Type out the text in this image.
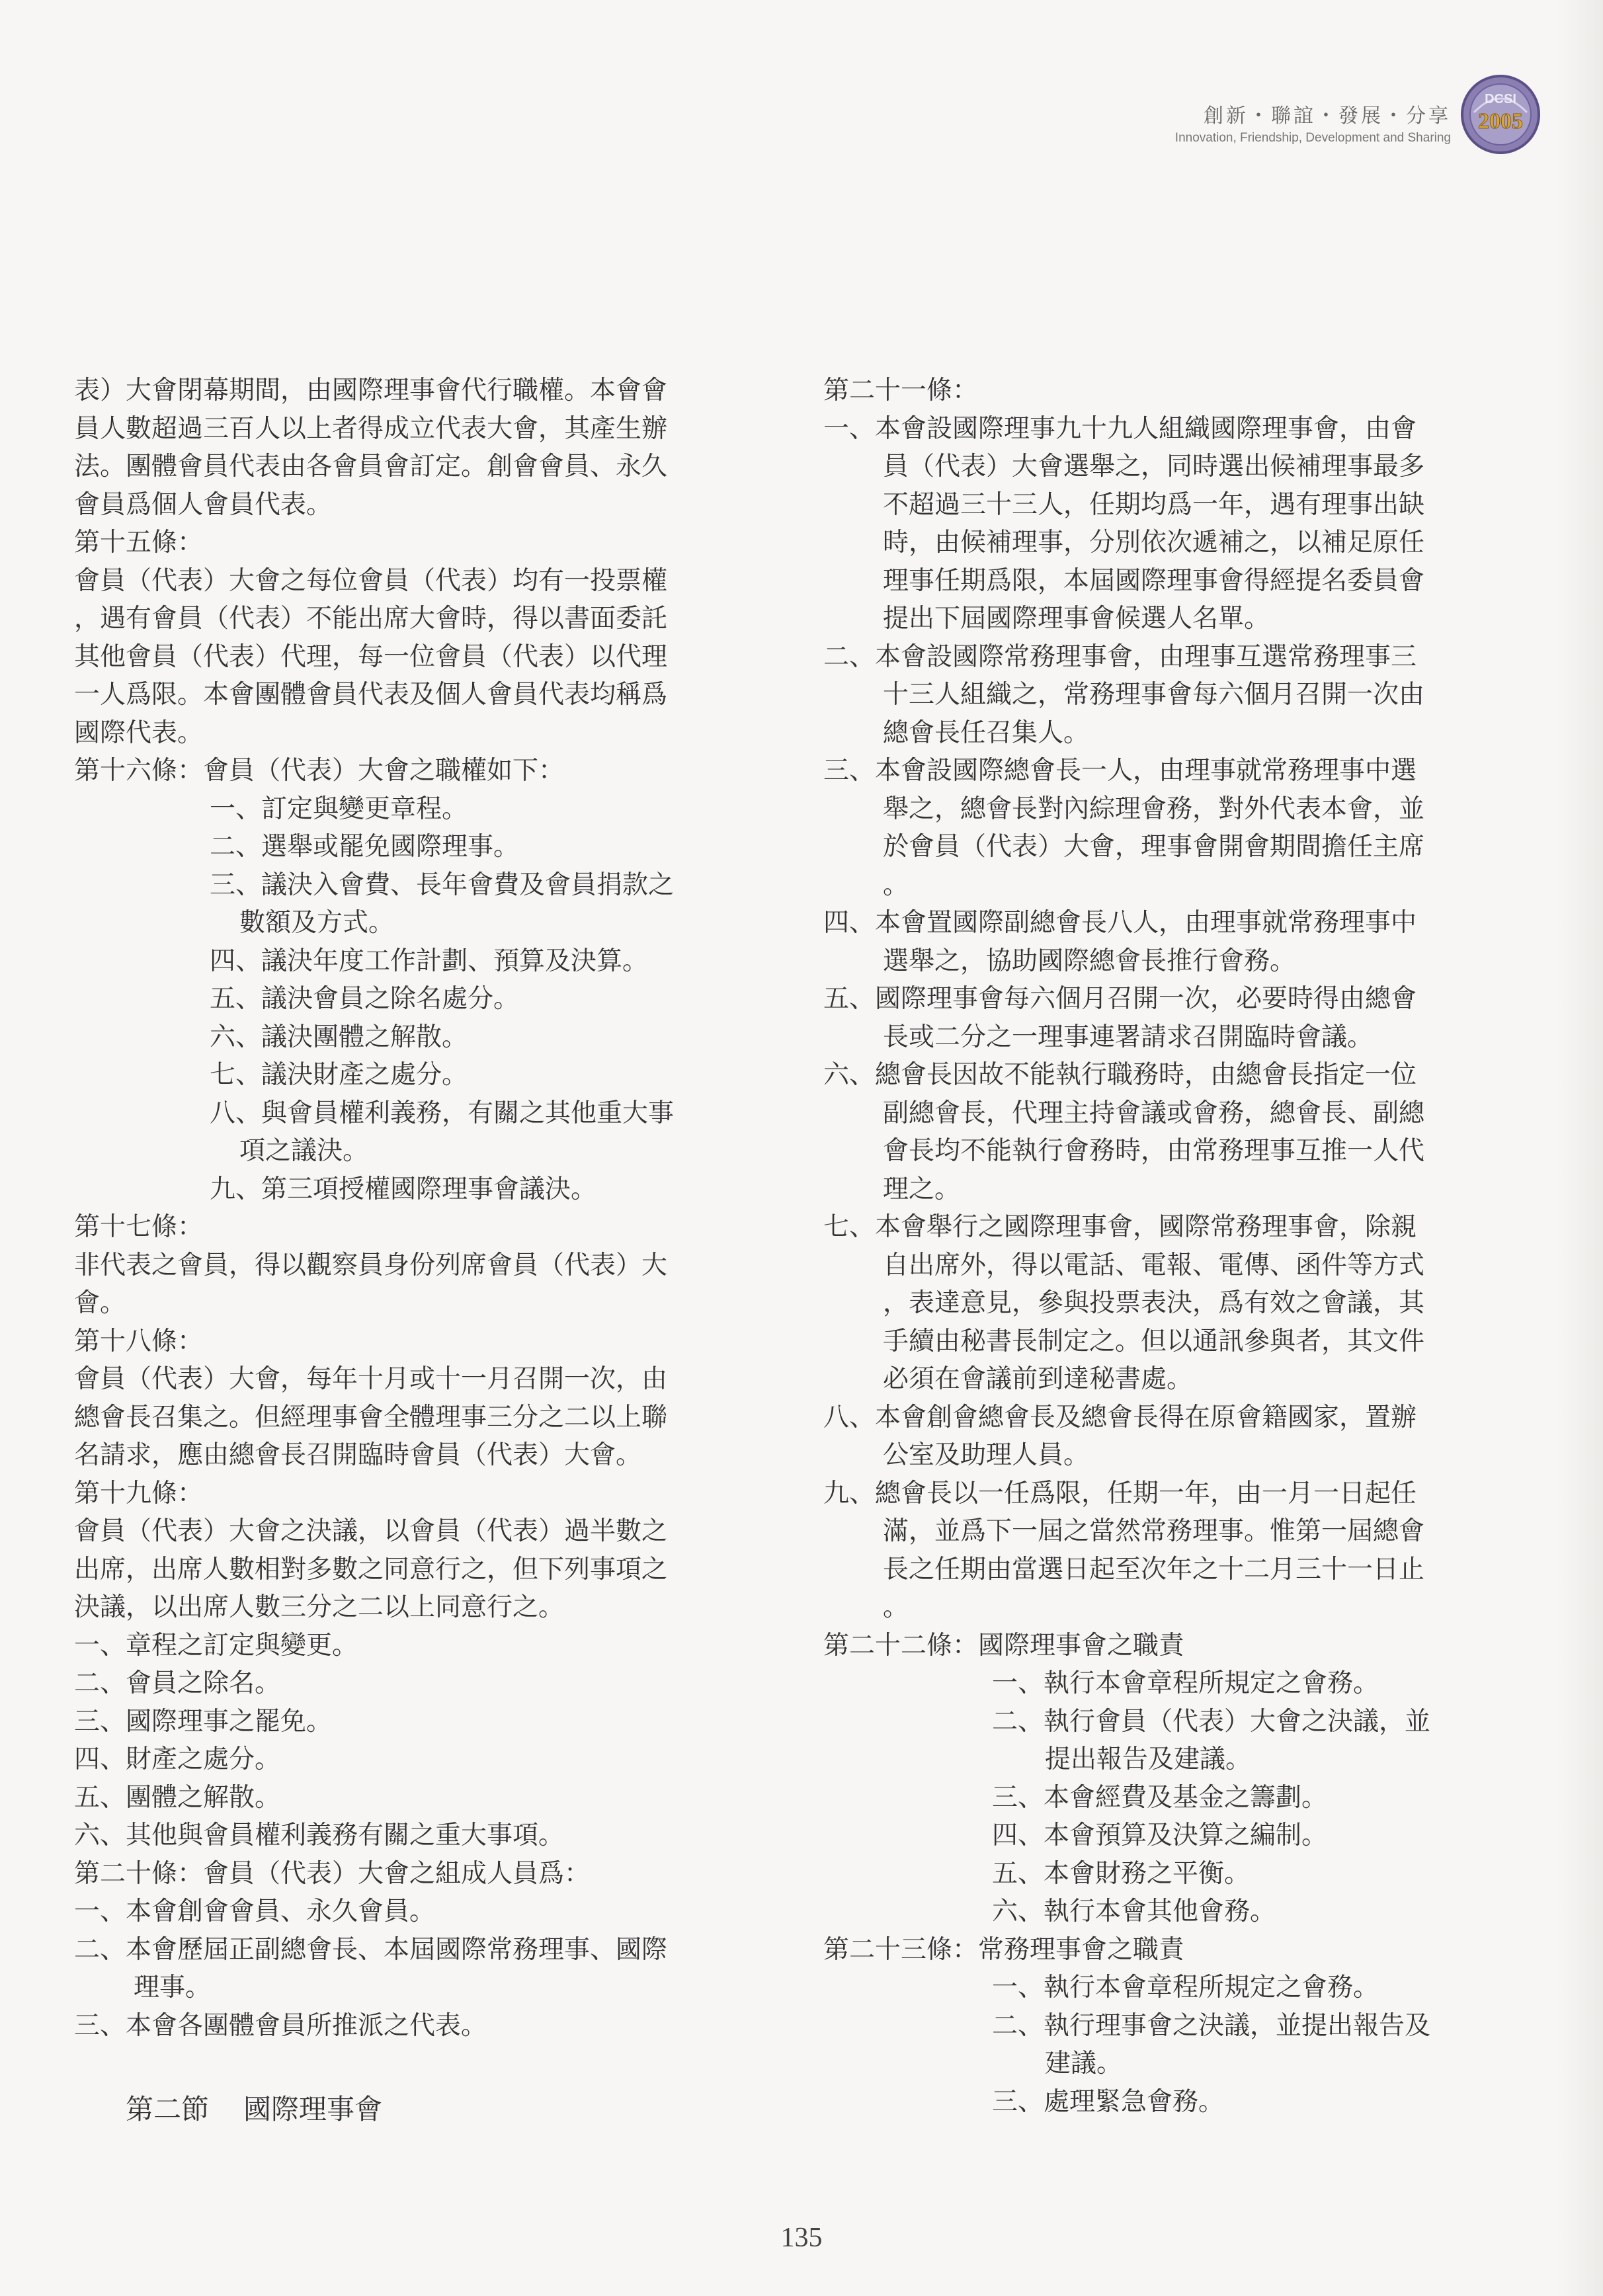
創新・聯誼・發展・分享
Innovation, Friendship, Development and Sharing
DCSI
2005
表）大會閉幕期間，由國際理事會代行職權。本會會
員人數超過三百人以上者得成立代表大會，其產生辦
法。團體會員代表由各會員會訂定。創會會員、永久
會員爲個人會員代表。
第十五條：
會員（代表）大會之每位會員（代表）均有一投票權
，遇有會員（代表）不能出席大會時，得以書面委託
其他會員（代表）代理，每一位會員（代表）以代理
一人爲限。本會團體會員代表及個人會員代表均稱爲
國際代表。
第十六條：會員（代表）大會之職權如下：
一、訂定與變更章程。
二、選舉或罷免國際理事。
三、議決入會費、長年會費及會員捐款之
數額及方式。
四、議決年度工作計劃、預算及決算。
五、議決會員之除名處分。
六、議決團體之解散。
七、議決財產之處分。
八、與會員權利義務，有關之其他重大事
項之議決。
九、第三項授權國際理事會議決。
第十七條：
非代表之會員，得以觀察員身份列席會員（代表）大
會。
第十八條：
會員（代表）大會，每年十月或十一月召開一次，由
總會長召集之。但經理事會全體理事三分之二以上聯
名請求，應由總會長召開臨時會員（代表）大會。
第十九條：
會員（代表）大會之決議，以會員（代表）過半數之
出席，出席人數相對多數之同意行之，但下列事項之
決議，以出席人數三分之二以上同意行之。
一、章程之訂定與變更。
二、會員之除名。
三、國際理事之罷免。
四、財產之處分。
五、團體之解散。
六、其他與會員權利義務有關之重大事項。
第二十條：會員（代表）大會之組成人員爲：
一、本會創會會員、永久會員。
二、本會歷屆正副總會長、本屆國際常務理事、國際
理事。
三、本會各團體會員所推派之代表。
第二十一條：
一、本會設國際理事九十九人組織國際理事會，由會
員（代表）大會選舉之，同時選出候補理事最多
不超過三十三人，任期均爲一年，遇有理事出缺
時，由候補理事，分別依次遞補之，以補足原任
理事任期爲限，本屆國際理事會得經提名委員會
提出下屆國際理事會候選人名單。
二、本會設國際常務理事會，由理事互選常務理事三
十三人組織之，常務理事會每六個月召開一次由
總會長任召集人。
三、本會設國際總會長一人，由理事就常務理事中選
舉之，總會長對內綜理會務，對外代表本會，並
於會員（代表）大會，理事會開會期間擔任主席
。
四、本會置國際副總會長八人，由理事就常務理事中
選舉之，協助國際總會長推行會務。
五、國際理事會每六個月召開一次，必要時得由總會
長或二分之一理事連署請求召開臨時會議。
六、總會長因故不能執行職務時，由總會長指定一位
副總會長，代理主持會議或會務，總會長、副總
會長均不能執行會務時，由常務理事互推一人代
理之。
七、本會舉行之國際理事會，國際常務理事會，除親
自出席外，得以電話、電報、電傳、函件等方式
，表達意見，參與投票表決，爲有效之會議，其
手續由秘書長制定之。但以通訊參與者，其文件
必須在會議前到達秘書處。
八、本會創會總會長及總會長得在原會籍國家，置辦
公室及助理人員。
九、總會長以一任爲限，任期一年，由一月一日起任
滿，並爲下一屆之當然常務理事。惟第一屆總會
長之任期由當選日起至次年之十二月三十一日止
。
第二十二條：國際理事會之職責
一、執行本會章程所規定之會務。
二、執行會員（代表）大會之決議，並
提出報告及建議。
三、本會經費及基金之籌劃。
四、本會預算及決算之編制。
五、本會財務之平衡。
六、執行本會其他會務。
第二十三條：常務理事會之職責
一、執行本會章程所規定之會務。
二、執行理事會之決議，並提出報告及
建議。
三、處理緊急會務。
第二節 國際理事會
135
